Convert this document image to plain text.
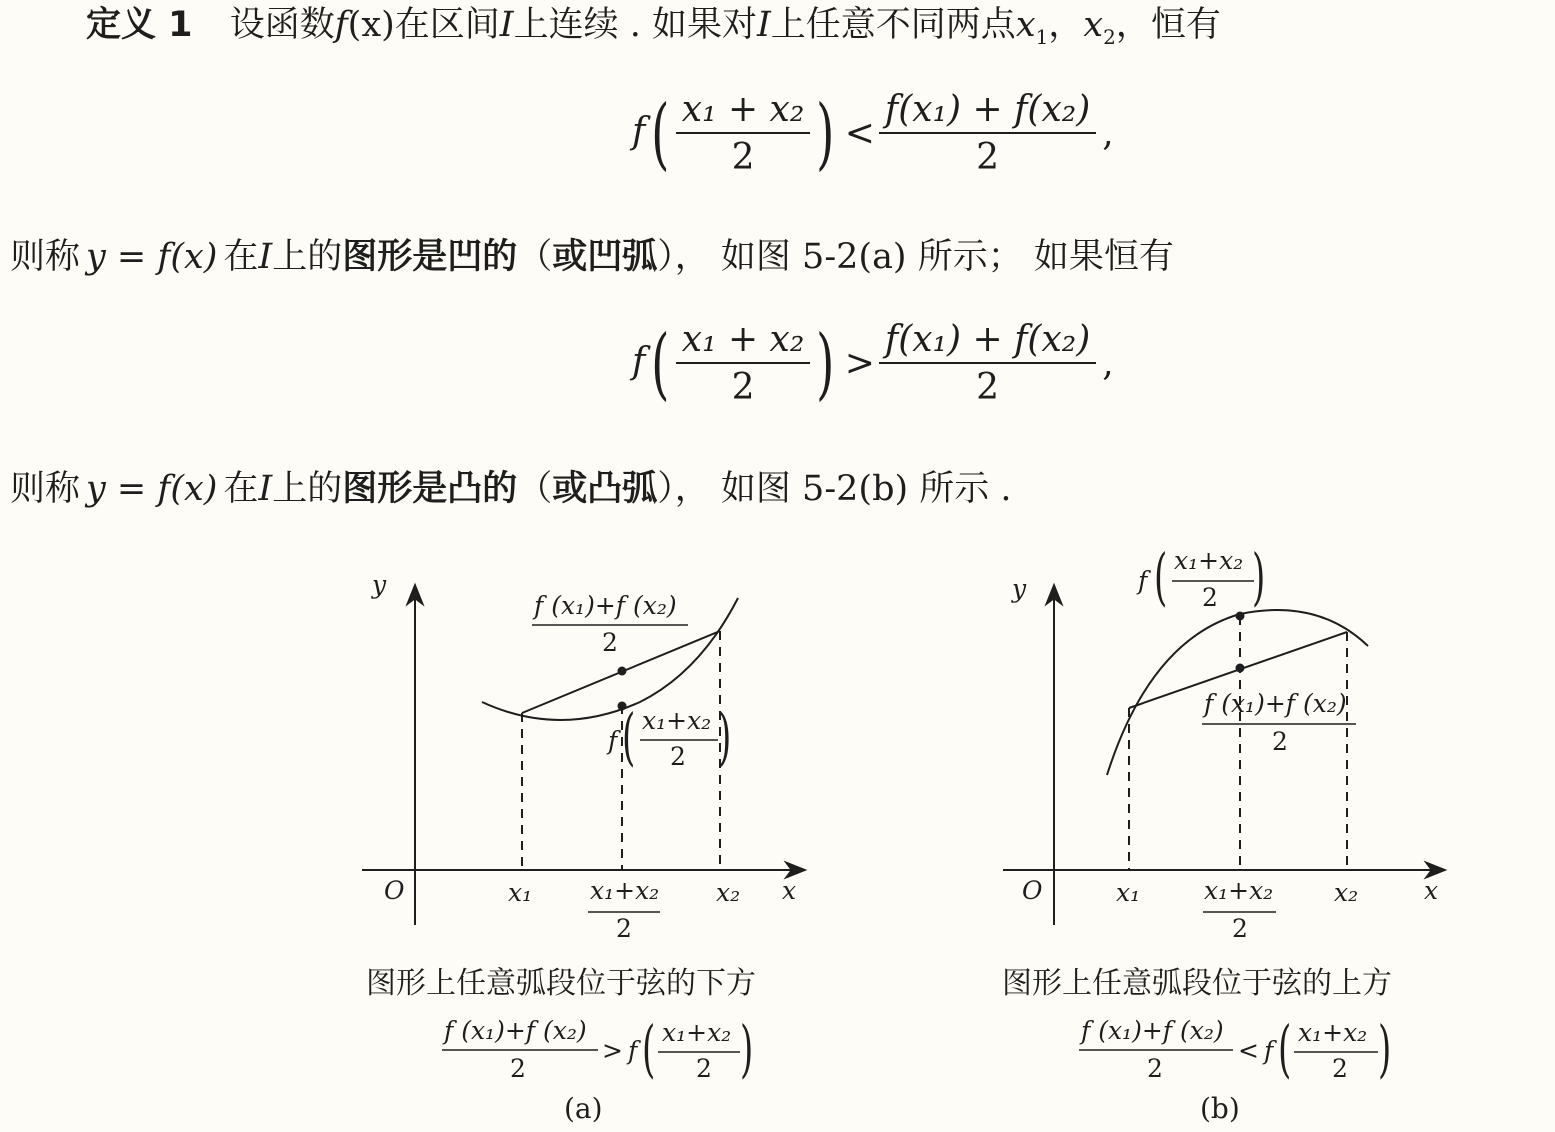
定义 1 设函数f(x)在区间I上连续 . 如果对I上任意不同两点$x_1$，$x_2$，恒有
$f( \frac{\text{x₁ + x₂}}{2}$ ) < $\frac{\text{f(x₁) + f(x₂)}}{2}$ ,
则称 y = f(x) 在I上的图形是凹的（或凹弧）， 如图 5-2(a) 所示； 如果恒有
$f( \frac{\text{x₁ + x₂}}{2}$ ) > $\frac{\text{f(x₁) + f(x₂)}}{2}$ ,
则称 y = f(x) 在I上的图形是凸的（或凸弧）， 如图 5-2(b) 所示 .
y
x
O	x₁ x₁+x₂
2
x₂
f (x₁)+f (x₂)
2
f ( x₁+x₂
2 )
图形上任意弧段位于弦的下方
f (x₁)+f (x₂)
2
> f ( x₁+x₂
2 )
(a)
y
x
O	x₁	x₁+x₂
2
x₂
f (x₁)+f (x₂)
2
f ( x₁+x₂
2 )
图形上任意弧段位于弦的上方
f (x₁)+f (x₂)
2
< f ( x₁+x₂
2 )
(b)
